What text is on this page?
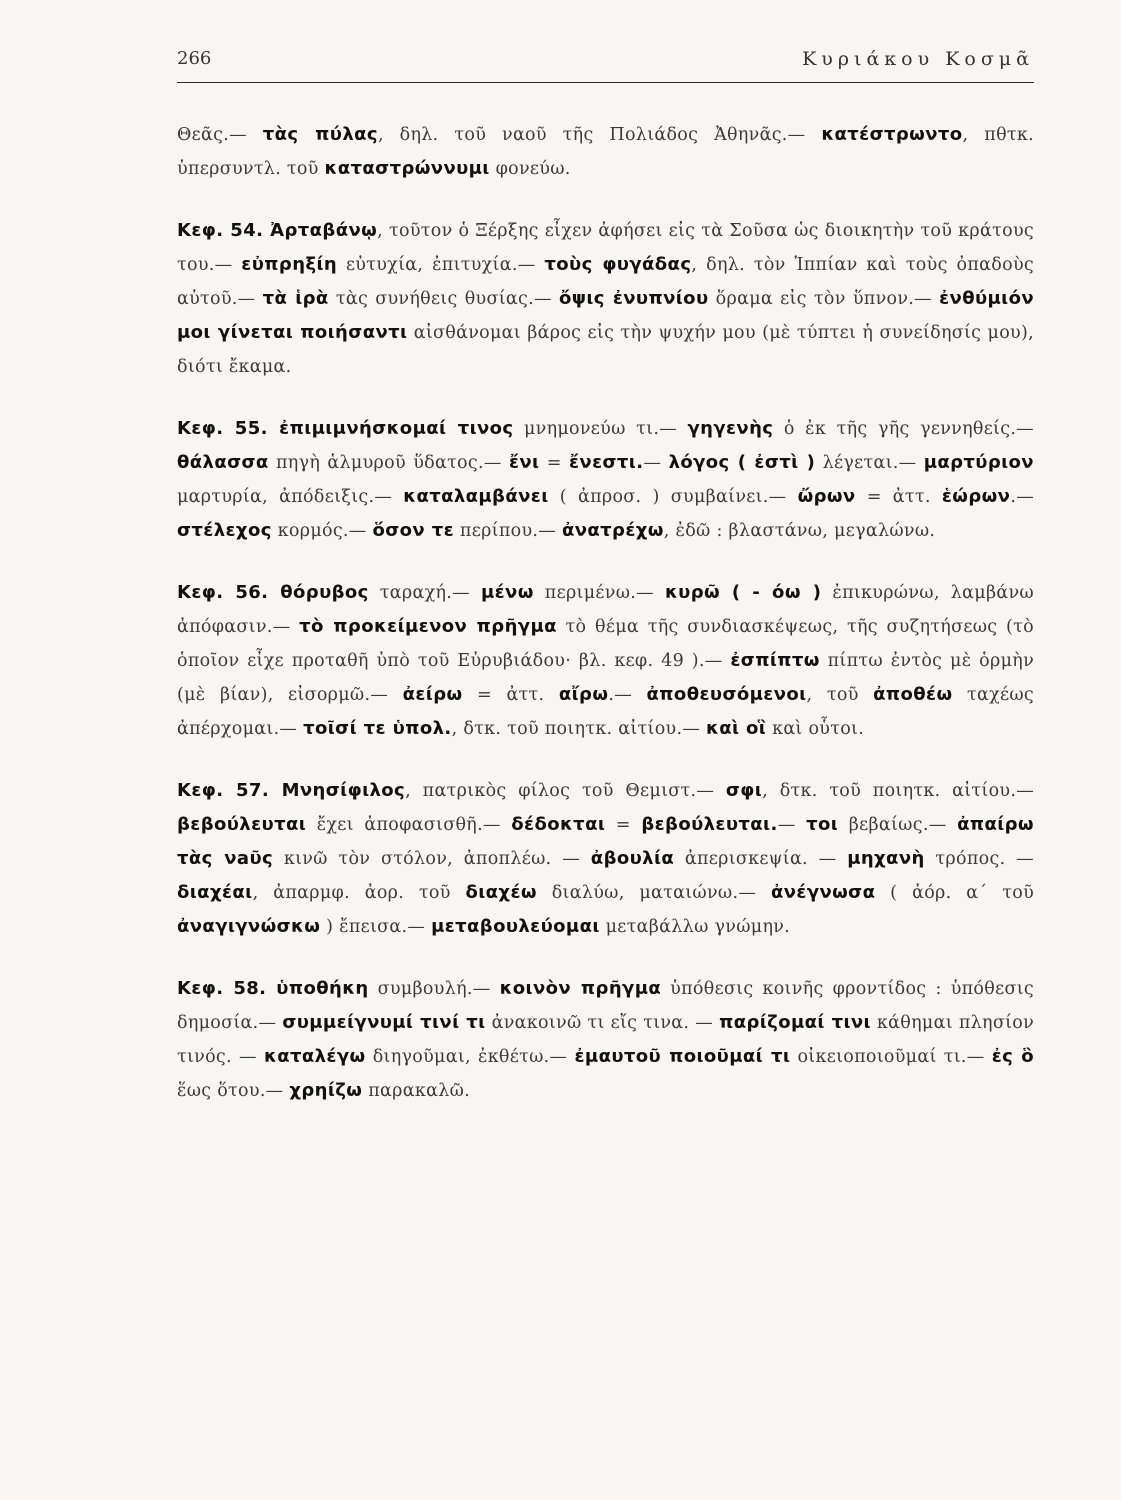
266	Κυριάκου Κοσμᾶ

Θεᾶς.— τὰς πύλας, δηλ. τοῦ ναοῦ τῆς Πολιάδος Ἀθηνᾶς.— κατέστρωντο, πθτκ. ὑπερσυντλ. τοῦ καταστρώννυμι φονεύω.

Κεφ. 54. Ἀρταβάνῳ, τοῦτον ὁ Ξέρξης εἶχεν ἀφήσει εἰς τὰ Σοῦσα ὡς διοικητὴν τοῦ κράτους του.— εὐπρηξίη εὐτυχία, ἐπιτυχία.— τοὺς φυγάδας, δηλ. τὸν Ἱππίαν καὶ τοὺς ὀπαδοὺς αὐτοῦ.— τὰ ἱρὰ τὰς συνήθεις θυσίας.— ὄψις ἐνυπνίου ὅραμα εἰς τὸν ὕπνον.— ἐνθύμιόν μοι γίνεται ποιήσαντι αἰσθάνομαι βάρος εἰς τὴν ψυχήν μου (μὲ τύπτει ἡ συνείδησίς μου), διότι ἔκαμα.

Κεφ. 55. ἐπιμιμνήσκομαί τινος μνημονεύω τι.— γηγενὴς ὁ ἐκ τῆς γῆς γεννηθείς.— θάλασσα πηγὴ ἁλμυροῦ ὕδατος.— ἔνι = ἔνεστι.— λόγος ( ἐστὶ ) λέγεται.— μαρτύριον μαρτυρία, ἀπόδειξις.— καταλαμβάνει ( ἀπροσ. ) συμβαίνει.— ὤρων = ἀττ. ἑώρων.— στέλεχος κορμός.— ὅσον τε περίπου.— ἀνατρέχω, ἐδῶ : βλαστάνω, μεγαλώνω.

Κεφ. 56. θόρυβος ταραχή.— μένω περιμένω.— κυρῶ ( - όω ) ἐπικυρώνω, λαμβάνω ἀπόφασιν.— τὸ προκείμενον πρῆγμα τὸ θέμα τῆς συνδιασκέψεως, τῆς συζητήσεως (τὸ ὁποῖον εἶχε προταθῆ ὑπὸ τοῦ Εὐρυβιάδου· βλ. κεφ. 49 ).— ἐσπίπτω πίπτω ἐντὸς μὲ ὁρμὴν (μὲ βίαν), εἰσορμῶ.— ἀείρω = ἀττ. αἴρω.— ἀποθευσόμενοι, τοῦ ἀποθέω ταχέως ἀπέρχομαι.— τοῖσί τε ὑπολ., δτκ. τοῦ ποιητκ. αἰτίου.— καὶ οἳ καὶ οὗτοι.

Κεφ. 57. Μνησίφιλος, πατρικὸς φίλος τοῦ Θεμιστ.— σφι, δτκ. τοῦ ποιητκ. αἰτίου.— βεβούλευται ἔχει ἀποφασισθῆ.— δέδοκται = βεβούλευται.— τοι βεβαίως.— ἀπαίρω τὰς νaῦς κινῶ τὸν στόλον, ἀποπλέω. — ἀβουλία ἀπερισκεψία. — μηχανὴ τρόπος. — διαχέαι, ἀπαρμφ. ἀορ. τοῦ διαχέω διαλύω, ματαιώνω.— ἀνέγνωσα ( ἀόρ. α΄ τοῦ ἀναγιγνώσκω ) ἔπεισα.— μεταβουλεύομαι μεταβάλλω γνώμην.

Κεφ. 58. ὑποθήκη συμβουλή.— κοινὸν πρῆγμα ὑπόθεσις κοινῆς φροντίδος : ὑπόθεσις δημοσία.— συμμείγνυμί τινί τι ἀνακοινῶ τι εἴς τινα. — παρίζομαί τινι κάθημαι πλησίον τινός. — καταλέγω διηγοῦμαι, ἐκθέτω.— ἐμαυτοῦ ποιοῦμαί τι οἰκειοποιοῦμαί τι.— ἐς ὃ ἕως ὅτου.— χρηίζω παρακαλῶ.
